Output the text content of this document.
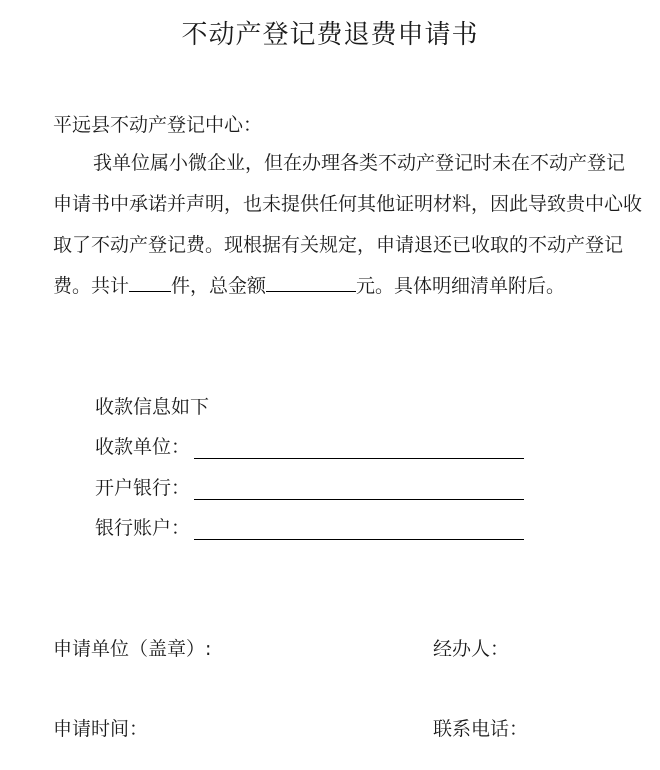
不动产登记费退费申请书
平远县不动产登记中心：
我单位属小微企业，但在办理各类不动产登记时未在不动产登记申请书中承诺并声明，也未提供任何其他证明材料，因此导致贵中心收取了不动产登记费。现根据有关规定，申请退还已收取的不动产登记费。共计 件，总金额	元。具体明细清单附后。
收款信息如下
收款单位：
开户银行：
银行账户：
申请单位（盖章）:	经办人：
申请时间：	联系电话：
